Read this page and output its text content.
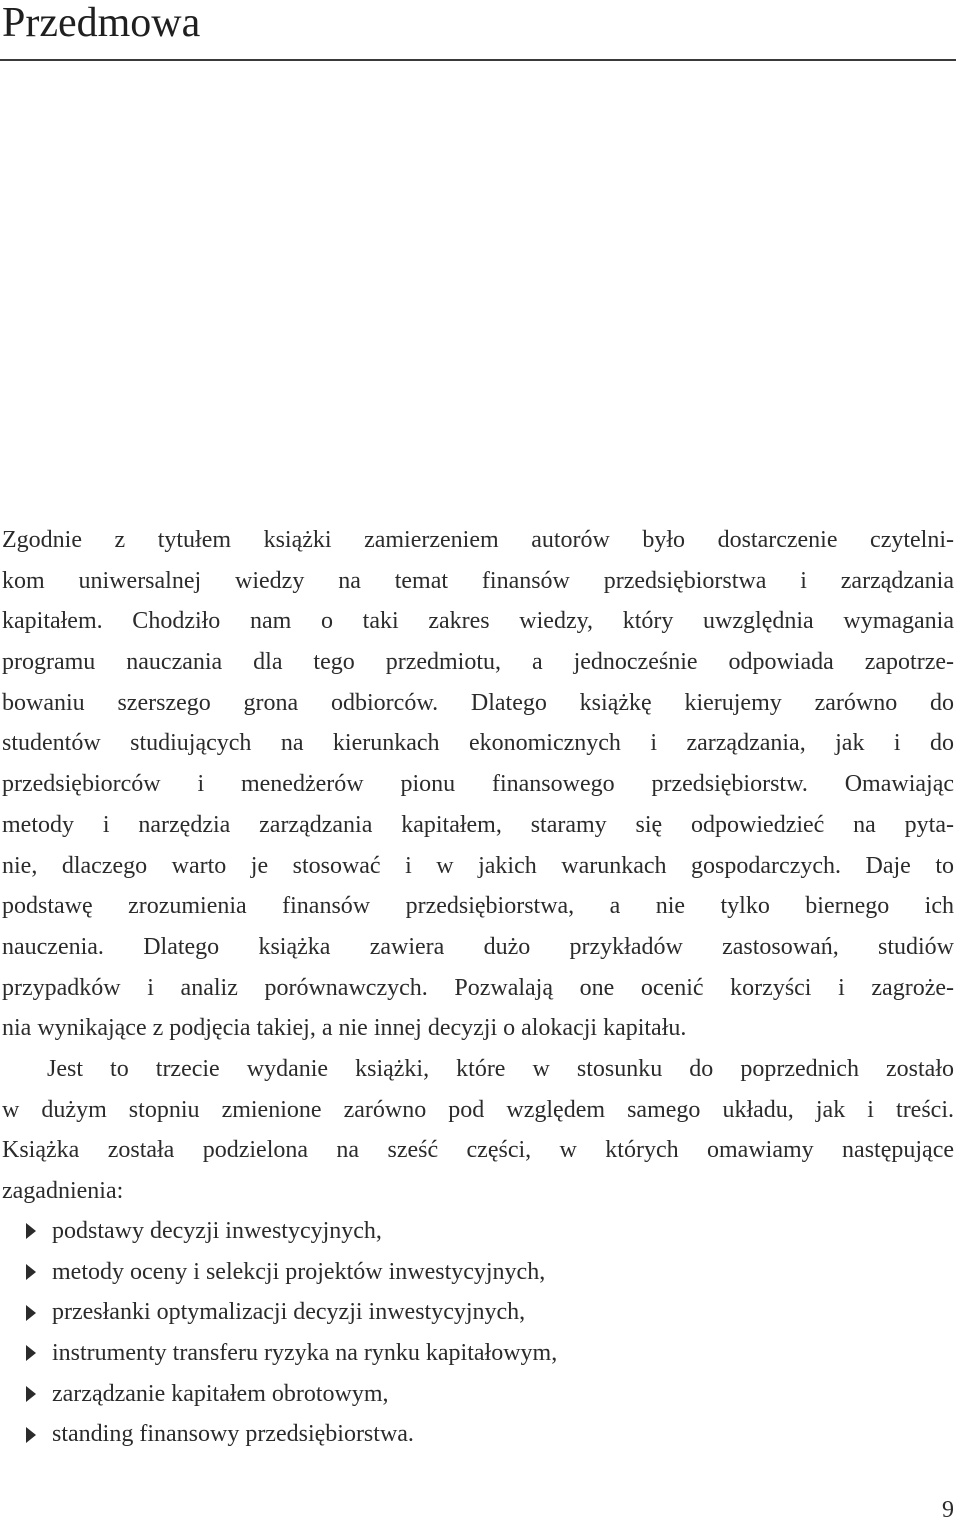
Przedmowa
Zgodnie z tytułem książki zamierzeniem autorów było dostarczenie czytelni-
kom uniwersalnej wiedzy na temat finansów przedsiębiorstwa i zarządzania
kapitałem. Chodziło nam o taki zakres wiedzy, który uwzględnia wymagania
programu nauczania dla tego przedmiotu, a jednocześnie odpowiada zapotrze-
bowaniu szerszego grona odbiorców. Dlatego książkę kierujemy zarówno do
studentów studiujących na kierunkach ekonomicznych i zarządzania, jak i do
przedsiębiorców i menedżerów pionu finansowego przedsiębiorstw. Omawiając
metody i narzędzia zarządzania kapitałem, staramy się odpowiedzieć na pyta-
nie, dlaczego warto je stosować i w jakich warunkach gospodarczych. Daje to
podstawę zrozumienia finansów przedsiębiorstwa, a nie tylko biernego ich
nauczenia. Dlatego książka zawiera dużo przykładów zastosowań, studiów
przypadków i analiz porównawczych. Pozwalają one ocenić korzyści i zagroże-
nia wynikające z podjęcia takiej, a nie innej decyzji o alokacji kapitału.
Jest to trzecie wydanie książki, które w stosunku do poprzednich zostało
w dużym stopniu zmienione zarówno pod względem samego układu, jak i treści.
Książka została podzielona na sześć części, w których omawiamy następujące
zagadnienia:
podstawy decyzji inwestycyjnych,
metody oceny i selekcji projektów inwestycyjnych,
przesłanki optymalizacji decyzji inwestycyjnych,
instrumenty transferu ryzyka na rynku kapitałowym,
zarządzanie kapitałem obrotowym,
standing finansowy przedsiębiorstwa.
9
